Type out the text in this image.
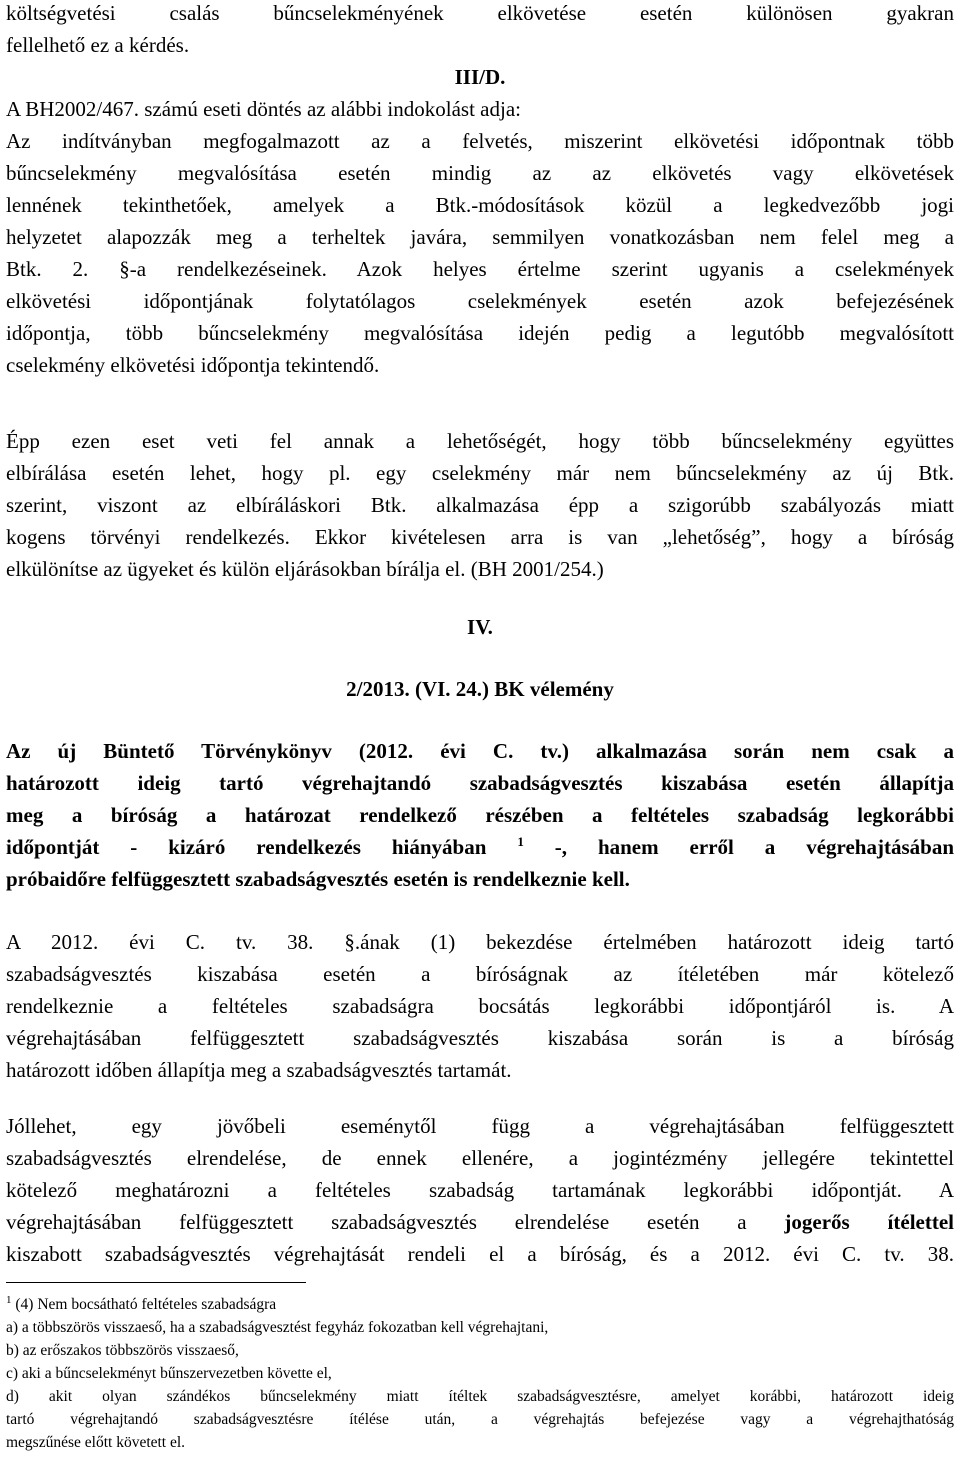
költségvetési csalás bűncselekményének elkövetése esetén különösen gyakran
fellelhető ez a kérdés.
III/D.
A BH2002/467. számú eseti döntés az alábbi indokolást adja:
Az indítványban megfogalmazott az a felvetés, miszerint elkövetési időpontnak több
bűncselekmény megvalósítása esetén mindig az az elkövetés vagy elkövetések
lennének tekinthetőek, amelyek a Btk.-módosítások közül a legkedvezőbb jogi
helyzetet alapozzák meg a terheltek javára, semmilyen vonatkozásban nem felel meg a
Btk. 2. §-a rendelkezéseinek. Azok helyes értelme szerint ugyanis a cselekmények
elkövetési időpontjának folytatólagos cselekmények esetén azok befejezésének
időpontja, több bűncselekmény megvalósítása idején pedig a legutóbb megvalósított
cselekmény elkövetési időpontja tekintendő.
Épp ezen eset veti fel annak a lehetőségét, hogy több bűncselekmény együttes
elbírálása esetén lehet, hogy pl. egy cselekmény már nem bűncselekmény az új Btk.
szerint, viszont az elbíráláskori Btk. alkalmazása épp a szigorúbb szabályozás miatt
kogens törvényi rendelkezés. Ekkor kivételesen arra is van „lehetőség”, hogy a bíróság
elkülönítse az ügyeket és külön eljárásokban bírálja el. (BH 2001/254.)
IV.
2/2013. (VI. 24.) BK vélemény
Az új Büntető Törvénykönyv (2012. évi C. tv.) alkalmazása során nem csak a
határozott ideig tartó végrehajtandó szabadságvesztés kiszabása esetén állapítja
meg a bíróság a határozat rendelkező részében a feltételes szabadság legkorábbi
időpontját - kizáró rendelkezés hiányában $^1$ -, hanem erről a végrehajtásában
próbaidőre felfüggesztett szabadságvesztés esetén is rendelkeznie kell.
A 2012. évi C. tv. 38. §.ának (1) bekezdése értelmében határozott ideig tartó
szabadságvesztés kiszabása esetén a bíróságnak az ítéletében már kötelező
rendelkeznie a feltételes szabadságra bocsátás legkorábbi időpontjáról is. A
végrehajtásában felfüggesztett szabadságvesztés kiszabása során is a bíróság
határozott időben állapítja meg a szabadságvesztés tartamát.
Jóllehet, egy jövőbeli eseménytől függ a végrehajtásában felfüggesztett
szabadságvesztés elrendelése, de ennek ellenére, a jogintézmény jellegére tekintettel
kötelező meghatározni a feltételes szabadság tartamának legkorábbi időpontját. A
végrehajtásában felfüggesztett szabadságvesztés elrendelése esetén a jogerős ítélettel
kiszabott szabadságvesztés végrehajtását rendeli el a bíróság, és a 2012. évi C. tv. 38.
$^1$ (4) Nem bocsátható feltételes szabadságra
a) a többszörös visszaeső, ha a szabadságvesztést fegyház fokozatban kell végrehajtani,
b) az erőszakos többszörös visszaeső,
c) aki a bűncselekményt bűnszervezetben követte el,
d) akit olyan szándékos bűncselekmény miatt ítéltek szabadságvesztésre, amelyet korábbi, határozott ideig
tartó végrehajtandó szabadságvesztésre ítélése után, a végrehajtás befejezése vagy a végrehajthatóság
megszűnése előtt követett el.
